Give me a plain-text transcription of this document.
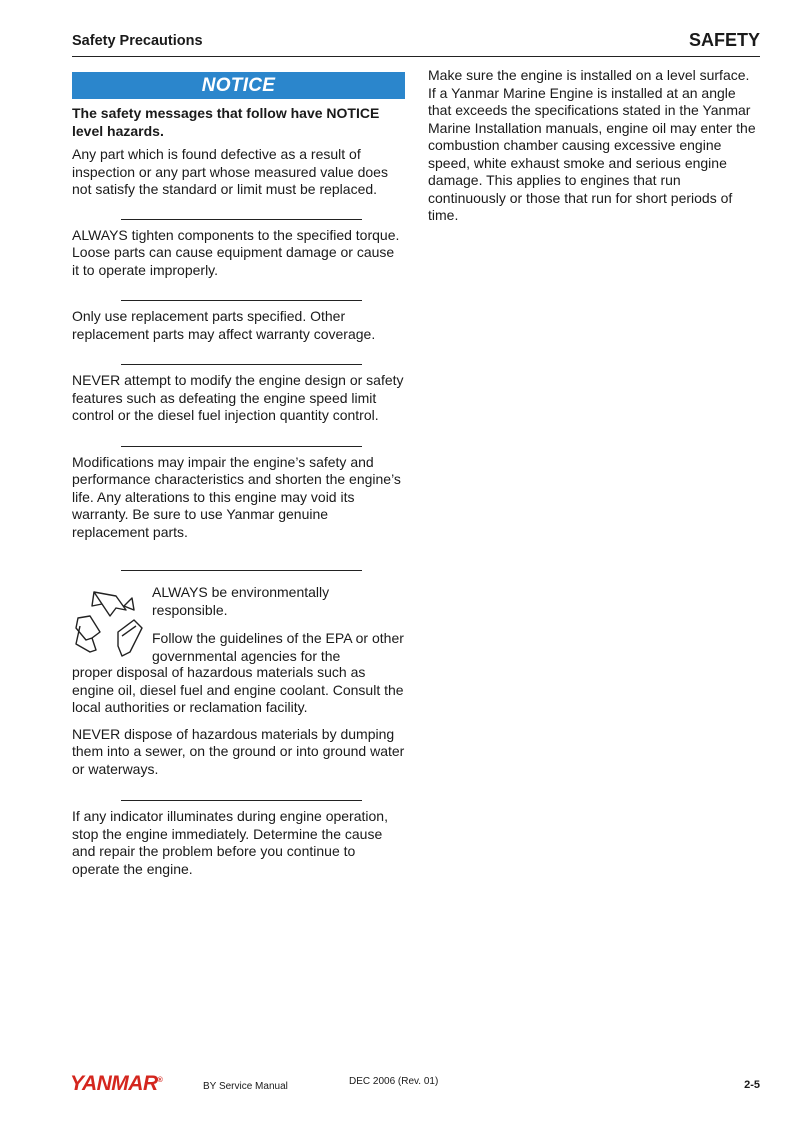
Safety Precautions	SAFETY
NOTICE

The safety messages that follow have NOTICE level hazards.

Any part which is found defective as a result of inspection or any part whose measured value does not satisfy the standard or limit must be replaced.

ALWAYS tighten components to the specified torque. Loose parts can cause equipment damage or cause it to operate improperly.

Only use replacement parts specified. Other replacement parts may affect warranty coverage.

NEVER attempt to modify the engine design or safety features such as defeating the engine speed limit control or the diesel fuel injection quantity control.

Modifications may impair the engine’s safety and performance characteristics and shorten the engine’s life. Any alterations to this engine may void its warranty. Be sure to use Yanmar genuine replacement parts.

ALWAYS be environmentally responsible.

Follow the guidelines of the EPA or other governmental agencies for the

proper disposal of hazardous materials such as engine oil, diesel fuel and engine coolant. Consult the local authorities or reclamation facility.

NEVER dispose of hazardous materials by dumping them into a sewer, on the ground or into ground water or waterways.

If any indicator illuminates during engine operation, stop the engine immediately. Determine the cause and repair the problem before you continue to operate the engine.

Make sure the engine is installed on a level surface. If a Yanmar Marine Engine is installed at an angle that exceeds the specifications stated in the Yanmar Marine Installation manuals, engine oil may enter the combustion chamber causing excessive engine speed, white exhaust smoke and serious engine damage. This applies to engines that run continuously or those that run for short periods of time.

YANMAR®
BY Service Manual	DEC 2006 (Rev. 01)	2-5
